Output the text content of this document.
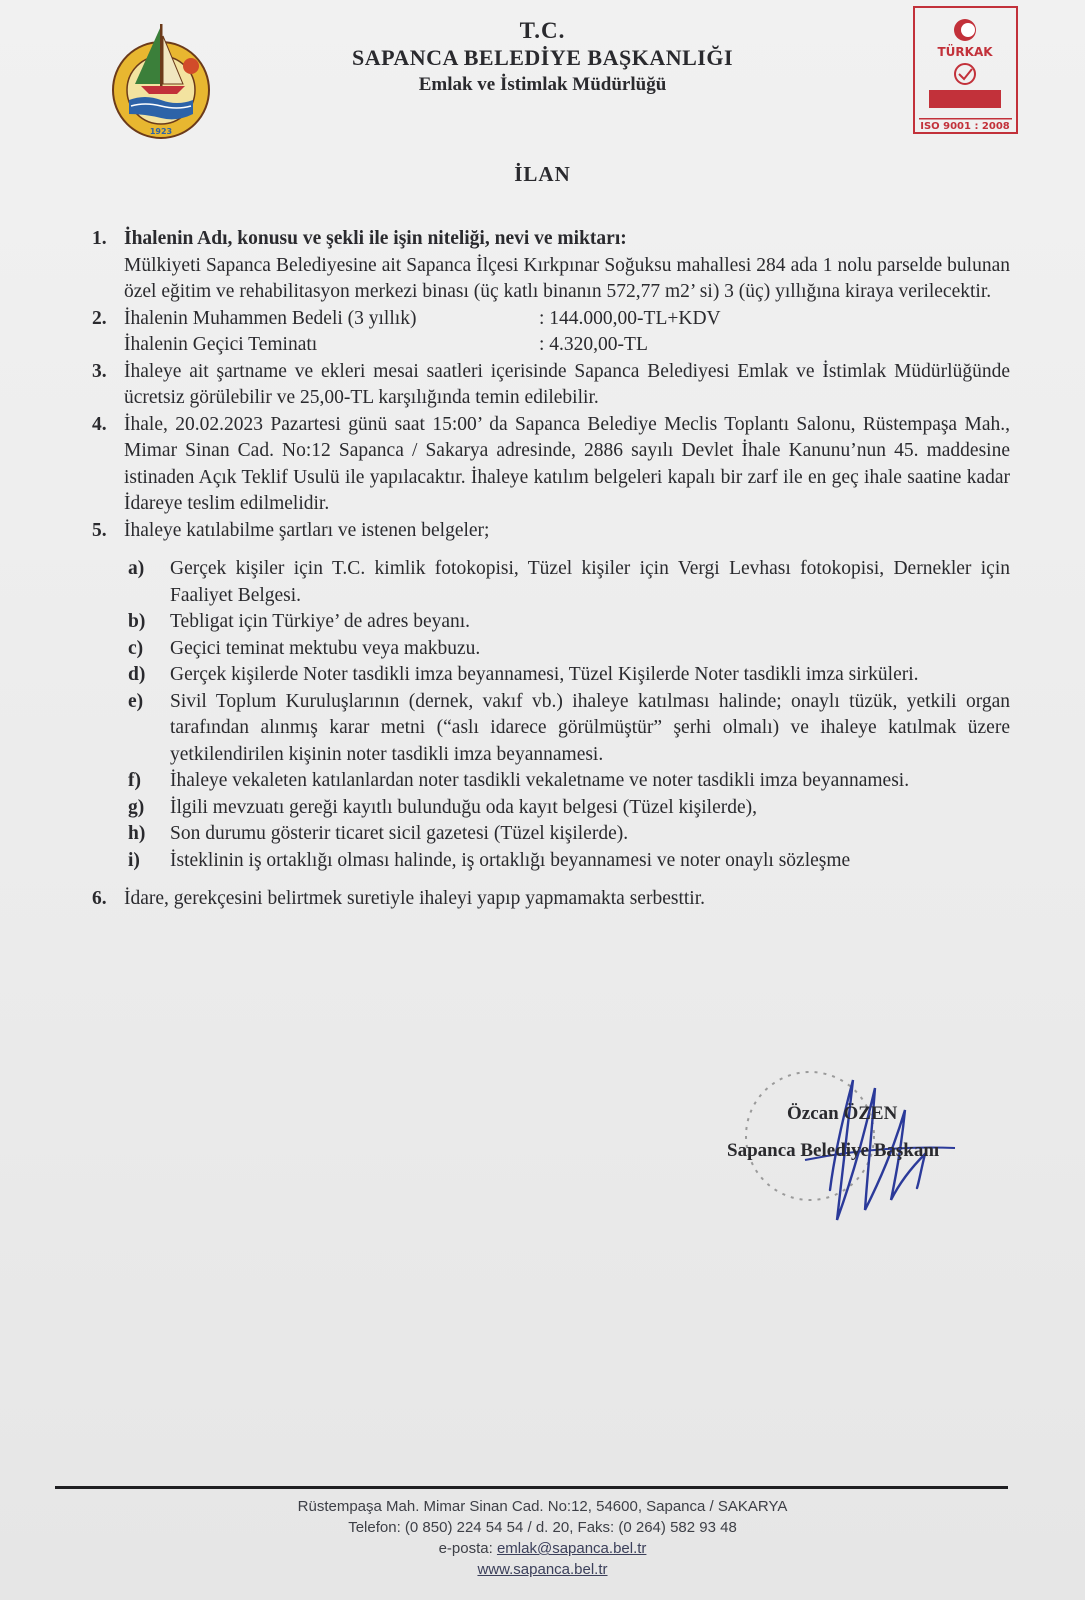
1923
T.C.
SAPANCA BELEDİYE BAŞKANLIĞI
Emlak ve İstimlak Müdürlüğü
TÜRKAK
ISO 9001 : 2008
İLAN
1. İhalenin Adı, konusu ve şekli ile işin niteliği, nevi ve miktarı:
Mülkiyeti Sapanca Belediyesine ait Sapanca İlçesi Kırkpınar Soğuksu mahallesi 284 ada 1 nolu parselde bulunan özel eğitim ve rehabilitasyon merkezi binası (üç katlı binanın 572,77 m2’ si) 3 (üç) yıllığına kiraya verilecektir.
2. İhalenin Muhammen Bedeli (3 yıllık)	: 144.000,00-TL+KDV
İhalenin Geçici Teminatı	: 4.320,00-TL
3. İhaleye ait şartname ve ekleri mesai saatleri içerisinde Sapanca Belediyesi Emlak ve İstimlak Müdürlüğünde ücretsiz görülebilir ve 25,00-TL karşılığında temin edilebilir.
4. İhale, 20.02.2023 Pazartesi günü saat 15:00’ da Sapanca Belediye Meclis Toplantı Salonu, Rüstempaşa Mah., Mimar Sinan Cad. No:12 Sapanca / Sakarya adresinde, 2886 sayılı Devlet İhale Kanunu’nun 45. maddesine istinaden Açık Teklif Usulü ile yapılacaktır. İhaleye katılım belgeleri kapalı bir zarf ile en geç ihale saatine kadar İdareye teslim edilmelidir.
5. İhaleye katılabilme şartları ve istenen belgeler;
a)	Gerçek kişiler için T.C. kimlik fotokopisi, Tüzel kişiler için Vergi Levhası fotokopisi, Dernekler için Faaliyet Belgesi.
b)	Tebligat için Türkiye’ de adres beyanı.
c)	Geçici teminat mektubu veya makbuzu.
d)	Gerçek kişilerde Noter tasdikli imza beyannamesi, Tüzel Kişilerde Noter tasdikli imza sirküleri.
e)	Sivil Toplum Kuruluşlarının (dernek, vakıf vb.) ihaleye katılması halinde; onaylı tüzük, yetkili organ tarafından alınmış karar metni (“aslı idarece görülmüştür” şerhi olmalı) ve ihaleye katılmak üzere yetkilendirilen kişinin noter tasdikli imza beyannamesi.
f)	İhaleye vekaleten katılanlardan noter tasdikli vekaletname ve noter tasdikli imza beyannamesi.
g)	İlgili mevzuatı gereği kayıtlı bulunduğu oda kayıt belgesi (Tüzel kişilerde),
h)	Son durumu gösterir ticaret sicil gazetesi (Tüzel kişilerde).
i)	İsteklinin iş ortaklığı olması halinde, iş ortaklığı beyannamesi ve noter onaylı sözleşme
6. İdare, gerekçesini belirtmek suretiyle ihaleyi yapıp yapmamakta serbesttir.
Özcan ÖZEN
Sapanca Belediye Başkanı
Rüstempaşa Mah. Mimar Sinan Cad. No:12, 54600, Sapanca / SAKARYA
Telefon: (0 850) 224 54 54 / d. 20, Faks: (0 264) 582 93 48
e-posta: emlak@sapanca.bel.tr
www.sapanca.bel.tr
